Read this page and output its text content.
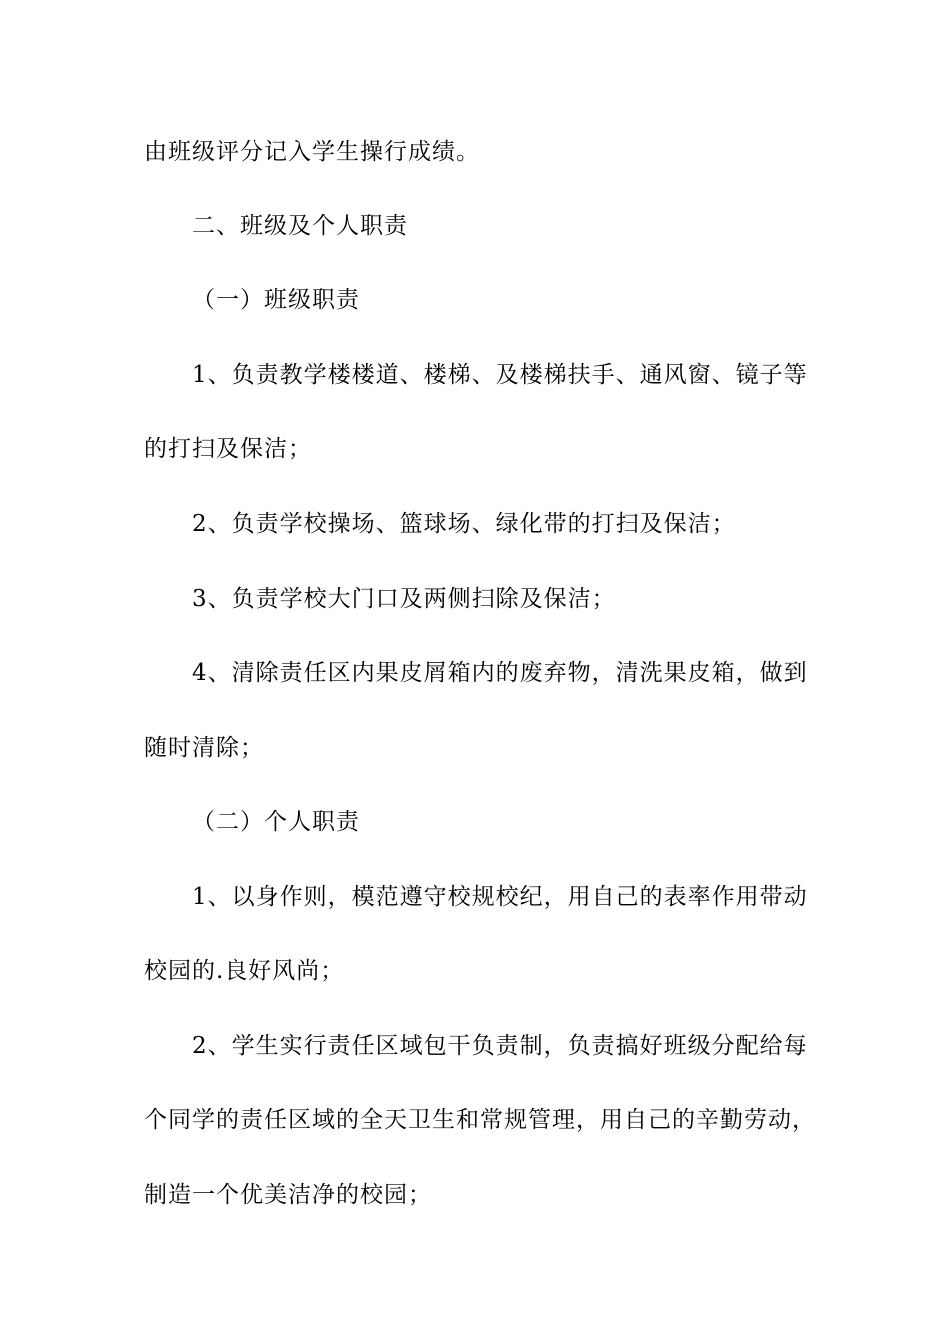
由班级评分记入学生操行成绩。
二、班级及个人职责
（一）班级职责
1、负责教学楼楼道、楼梯、及楼梯扶手、通风窗、镜子等
的打扫及保洁；
2、负责学校操场、篮球场、绿化带的打扫及保洁；
3、负责学校大门口及两侧扫除及保洁；
4、清除责任区内果皮屑箱内的废弃物，清洗果皮箱，做到
随时清除；
（二）个人职责
1、以身作则，模范遵守校规校纪，用自己的表率作用带动
校园的.良好风尚；
2、学生实行责任区域包干负责制，负责搞好班级分配给每
个同学的责任区域的全天卫生和常规管理，用自己的辛勤劳动，
制造一个优美洁净的校园；
